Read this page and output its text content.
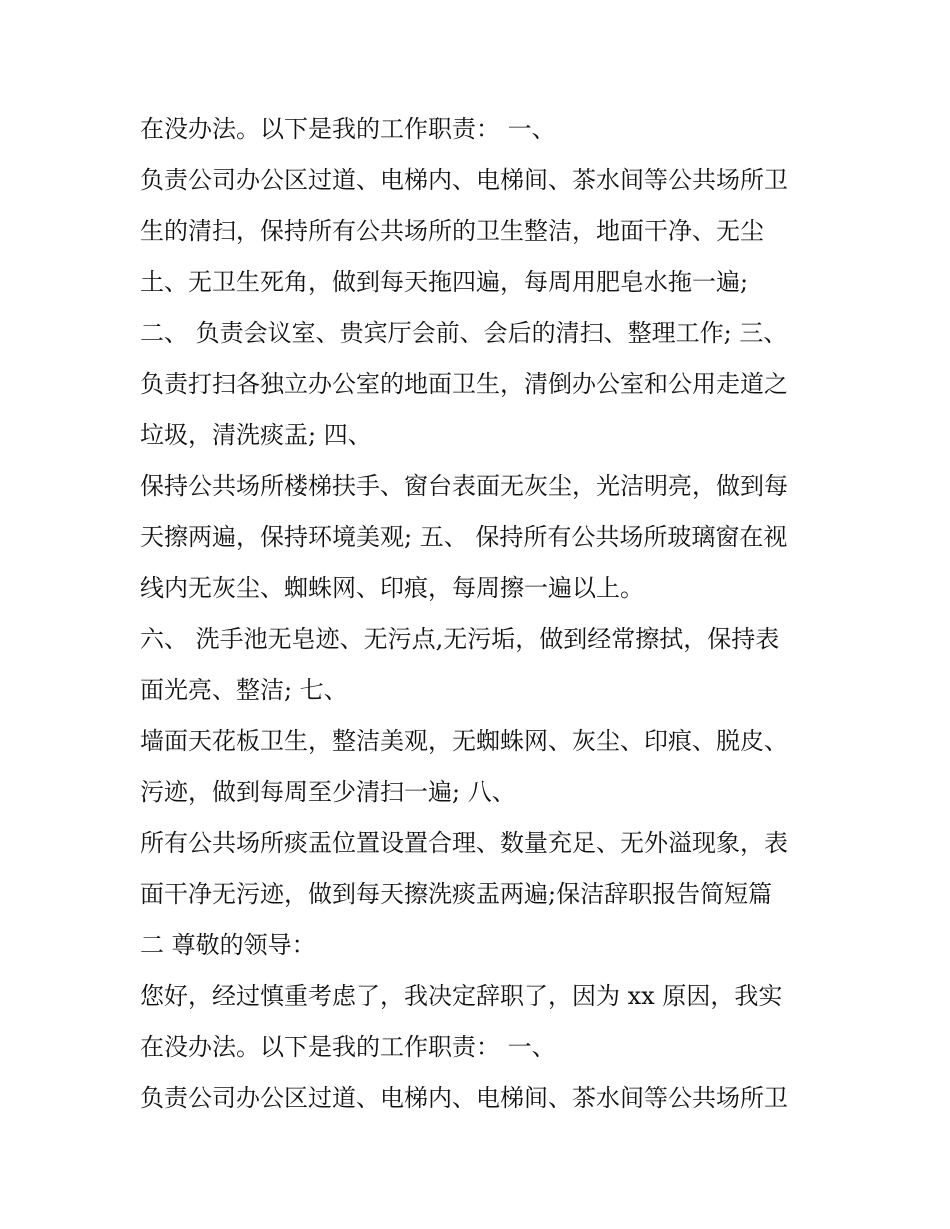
在没办法。以下是我的工作职责： 一、
负责公司办公区过道、电梯内、电梯间、茶水间等公共场所卫
生的清扫，保持所有公共场所的卫生整洁，地面干净、无尘
土、无卫生死角，做到每天拖四遍，每周用肥皂水拖一遍;
二、 负责会议室、贵宾厅会前、会后的清扫、整理工作; 三、
负责打扫各独立办公室的地面卫生，清倒办公室和公用走道之
垃圾，清洗痰盂; 四、
保持公共场所楼梯扶手、窗台表面无灰尘，光洁明亮，做到每
天擦两遍，保持环境美观; 五、 保持所有公共场所玻璃窗在视
线内无灰尘、蜘蛛网、印痕，每周擦一遍以上。
六、 洗手池无皂迹、无污点,无污垢，做到经常擦拭，保持表
面光亮、整洁; 七、
墙面天花板卫生，整洁美观，无蜘蛛网、灰尘、印痕、脱皮、
污迹，做到每周至少清扫一遍; 八、
所有公共场所痰盂位置设置合理、数量充足、无外溢现象，表
面干净无污迹，做到每天擦洗痰盂两遍;保洁辞职报告简短篇
二 尊敬的领导：
您好，经过慎重考虑了，我决定辞职了，因为 xx 原因，我实
在没办法。以下是我的工作职责： 一、
负责公司办公区过道、电梯内、电梯间、茶水间等公共场所卫
